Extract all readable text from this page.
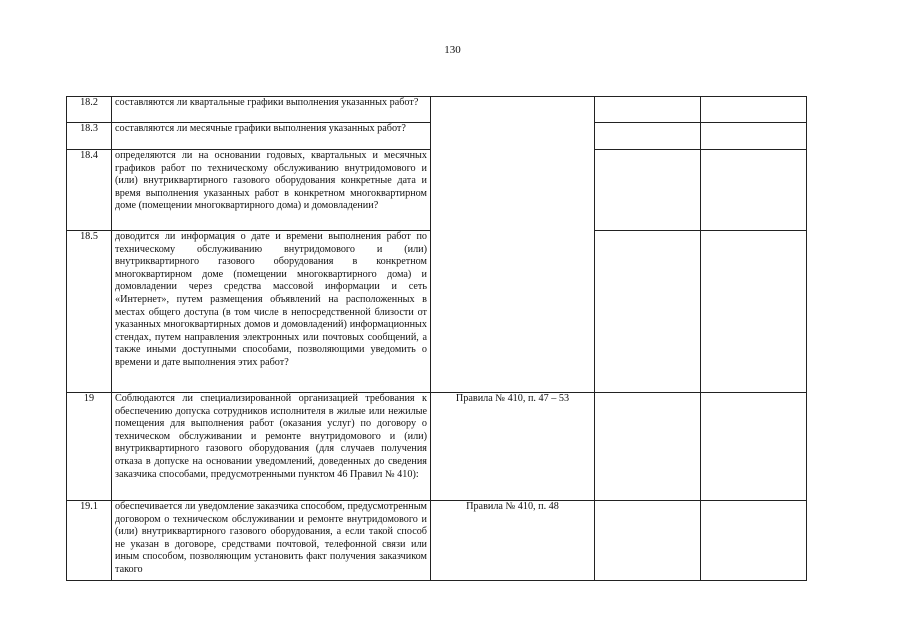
130
18.2	составляются ли квартальные графики выполнения указанных работ?			
18.3	составляются ли месячные графики выполнения указанных работ?			
18.4	определяются ли на основании годовых, квартальных и месячных графиков работ по техническому обслуживанию внутридомового и (или) внутриквартирного газового оборудования конкретные дата и время выполнения указанных работ в конкретном многоквартирном доме (помещении многоквартирного дома) и домовладении?			
18.5	доводится ли информация о дате и времени выполнения работ по техническому обслуживанию внутридомового и (или) внутриквартирного газового оборудования в конкретном многоквартирном доме (помещении многоквартирного дома) и домовладении через средства массовой информации и сеть «Интернет», путем размещения объявлений на расположенных в местах общего доступа (в том числе в непосредственной близости от указанных многоквартирных домов и домовладений) информационных стендах, путем направления электронных или почтовых сообщений, а также иными доступными способами, позволяющими уведомить о времени и дате выполнения этих работ?			
19	Соблюдаются ли специализированной организацией требования к обеспечению допуска сотрудников исполнителя в жилые или нежилые помещения для выполнения работ (оказания услуг) по договору о техническом обслуживании и ремонте внутридомового и (или) внутриквартирного газового оборудования (для случаев получения отказа в допуске на основании уведомлений, доведенных до сведения заказчика способами, предусмотренными пунктом 46 Правил № 410):	Правила № 410, п. 47 – 53		
19.1	обеспечивается ли уведомление заказчика способом, предусмотренным договором о техническом обслуживании и ремонте внутридомового и (или) внутриквартирного газового оборудования, а если такой способ не указан в договоре, средствами почтовой, телефонной связи или иным способом, позволяющим установить факт получения заказчиком такого	Правила № 410, п. 48		
